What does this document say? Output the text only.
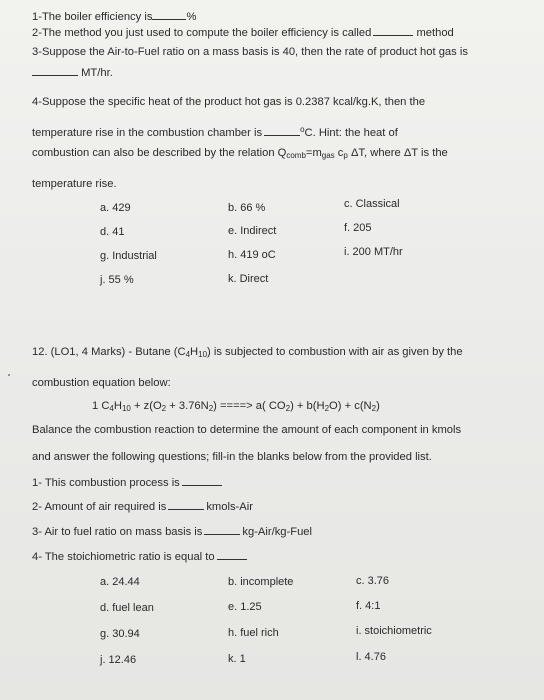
1-The boiler efficiency is	%
2-The method you just used to compute the boiler efficiency is called	method
3-Suppose the Air-to-Fuel ratio on a mass basis is 40, then the rate of product hot gas is
MT/hr.
4-Suppose the specific heat of the product hot gas is 0.2387 kcal/kg.K, then the
temperature rise in the combustion chamber is	$^o$C. Hint: the heat of
combustion can also be described by the relation $Q_{comb}=m_{gas}$ $c_p$ ΔT, where ΔT is the
temperature rise.
a. 429	b. 66 %	c. Classical
d. 41	e. Indirect	f. 205
g. Industrial	h. 419 oC	i. 200 MT/hr
j. 55 %	k. Direct
12. (LO1, 4 Marks) - Butane $(C_4H_{10})$ is subjected to combustion with air as given by the
combustion equation below:
1 $C_4H_{10} + z(O_2 + 3.76N_2)$ ====> a( $CO_2) + b(H_2O) + c(N_2)$
Balance the combustion reaction to determine the amount of each component in kmols
and answer the following questions; fill-in the blanks below from the provided list.
1- This combustion process is
2- Amount of air required is	kmols-Air
3- Air to fuel ratio on mass basis is	kg-Air/kg-Fuel
4- The stoichiometric ratio is equal to
a. 24.44	b. incomplete	c. 3.76
d. fuel lean	e. 1.25	f. 4:1
g. 30.94	h. fuel rich	i. stoichiometric
j. 12.46	k. 1	l. 4.76
